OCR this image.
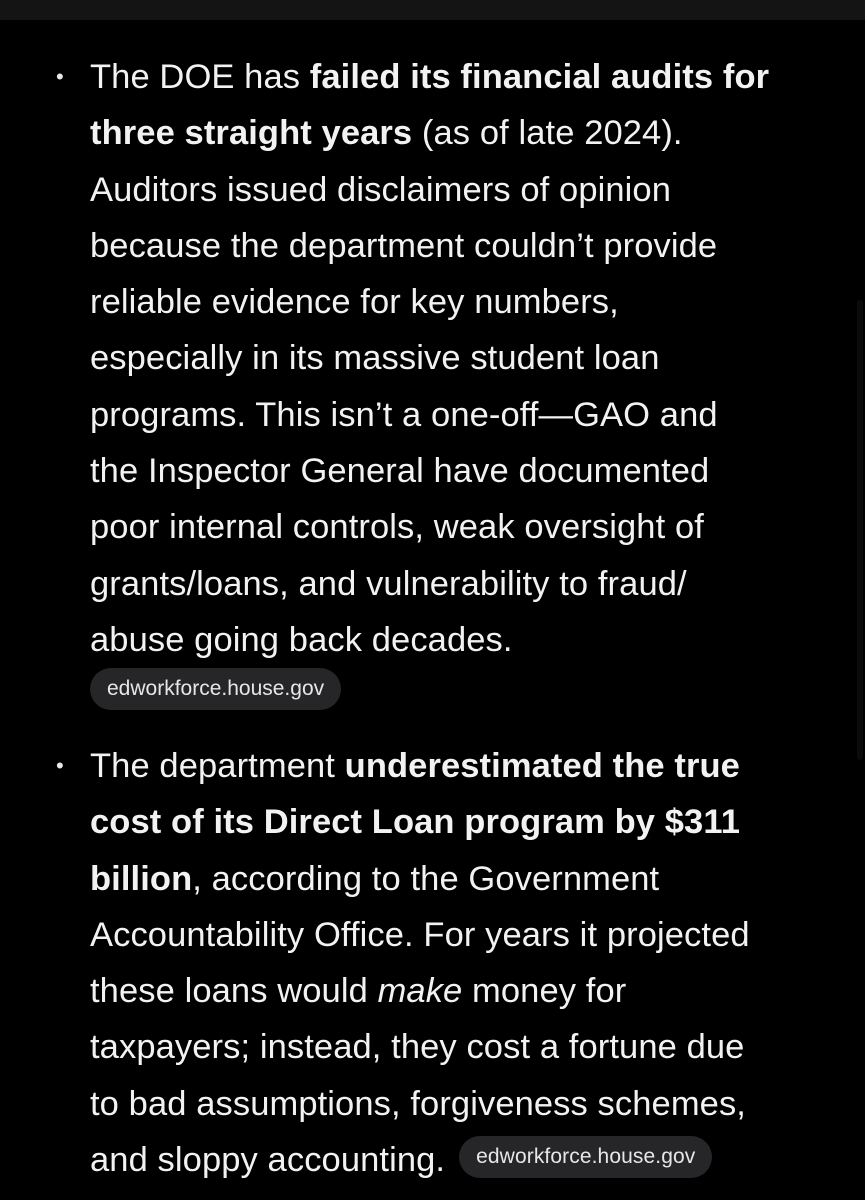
• The DOE has failed its financial audits for
three straight years (as of late 2024).
Auditors issued disclaimers of opinion
because the department couldn’t provide
reliable evidence for key numbers,
especially in its massive student loan
programs. This isn’t a one-off—GAO and
the Inspector General have documented
poor internal controls, weak oversight of
grants/loans, and vulnerability to fraud/
abuse going back decades.
edworkforce.house.gov
• The department underestimated the true
cost of its Direct Loan program by $311
billion, according to the Government
Accountability Office. For years it projected
these loans would make money for
taxpayers; instead, they cost a fortune due
to bad assumptions, forgiveness schemes,
and sloppy accounting. edworkforce.house.gov
